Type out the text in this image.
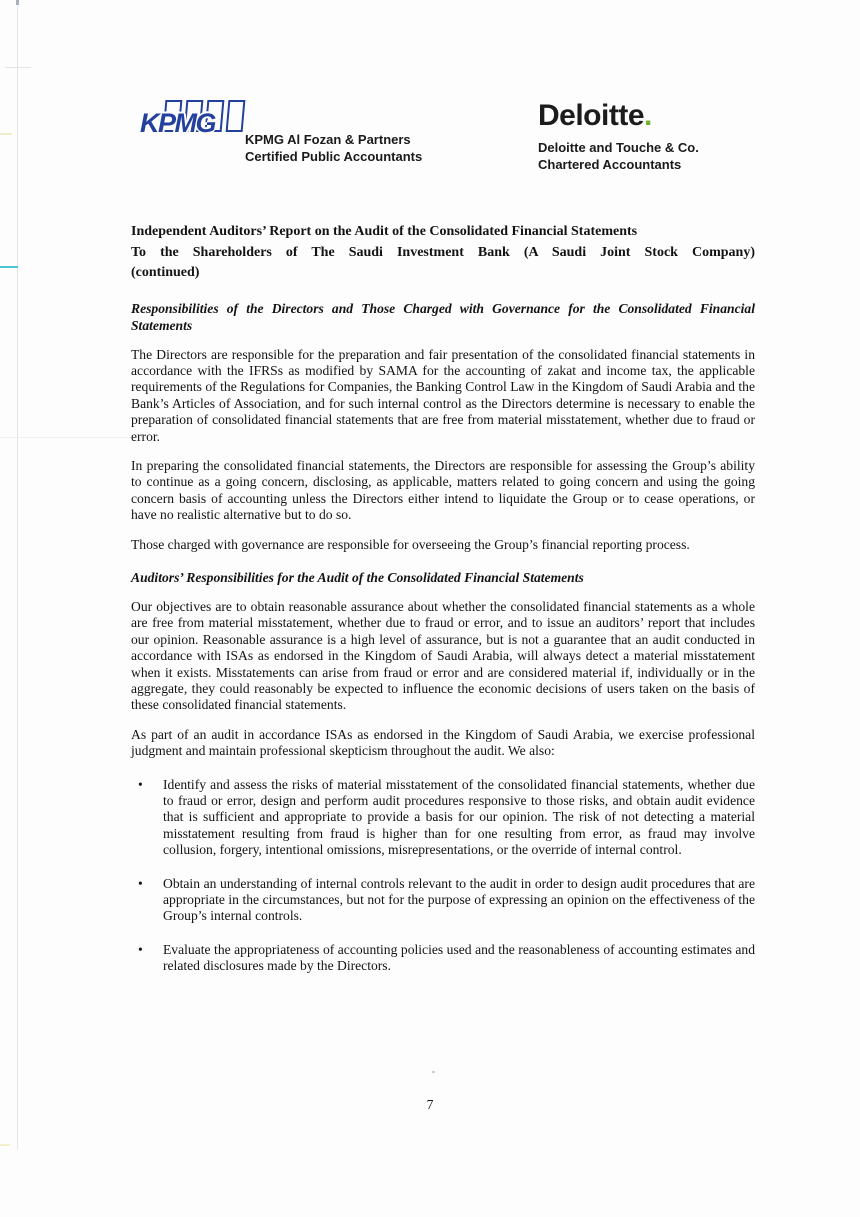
KPMG
KPMG Al Fozan & Partners
Certified Public Accountants
Deloitte.
Deloitte and Touche & Co.
Chartered Accountants
Independent Auditors’ Report on the Audit of the Consolidated Financial Statements
To the Shareholders of The Saudi Investment Bank (A Saudi Joint Stock Company)
(continued)
Responsibilities of the Directors and Those Charged with Governance for the Consolidated Financial Statements
The Directors are responsible for the preparation and fair presentation of the consolidated financial statements in accordance with the IFRSs as modified by SAMA for the accounting of zakat and income tax, the applicable requirements of the Regulations for Companies, the Banking Control Law in the Kingdom of Saudi Arabia and the Bank’s Articles of Association, and for such internal control as the Directors determine is necessary to enable the preparation of consolidated financial statements that are free from material misstatement, whether due to fraud or error.
In preparing the consolidated financial statements, the Directors are responsible for assessing the Group’s ability to continue as a going concern, disclosing, as applicable, matters related to going concern and using the going concern basis of accounting unless the Directors either intend to liquidate the Group or to cease operations, or have no realistic alternative but to do so.
Those charged with governance are responsible for overseeing the Group’s financial reporting process.
Auditors’ Responsibilities for the Audit of the Consolidated Financial Statements
Our objectives are to obtain reasonable assurance about whether the consolidated financial statements as a whole are free from material misstatement, whether due to fraud or error, and to issue an auditors’ report that includes our opinion. Reasonable assurance is a high level of assurance, but is not a guarantee that an audit conducted in accordance with ISAs as endorsed in the Kingdom of Saudi Arabia, will always detect a material misstatement when it exists. Misstatements can arise from fraud or error and are considered material if, individually or in the aggregate, they could reasonably be expected to influence the economic decisions of users taken on the basis of these consolidated financial statements.
As part of an audit in accordance ISAs as endorsed in the Kingdom of Saudi Arabia, we exercise professional judgment and maintain professional skepticism throughout the audit. We also:
•	Identify and assess the risks of material misstatement of the consolidated financial statements, whether due to fraud or error, design and perform audit procedures responsive to those risks, and obtain audit evidence that is sufficient and appropriate to provide a basis for our opinion. The risk of not detecting a material misstatement resulting from fraud is higher than for one resulting from error, as fraud may involve collusion, forgery, intentional omissions, misrepresentations, or the override of internal control.
•	Obtain an understanding of internal controls relevant to the audit in order to design audit procedures that are appropriate in the circumstances, but not for the purpose of expressing an opinion on the effectiveness of the Group’s internal controls.
•	Evaluate the appropriateness of accounting policies used and the reasonableness of accounting estimates and related disclosures made by the Directors.
7
